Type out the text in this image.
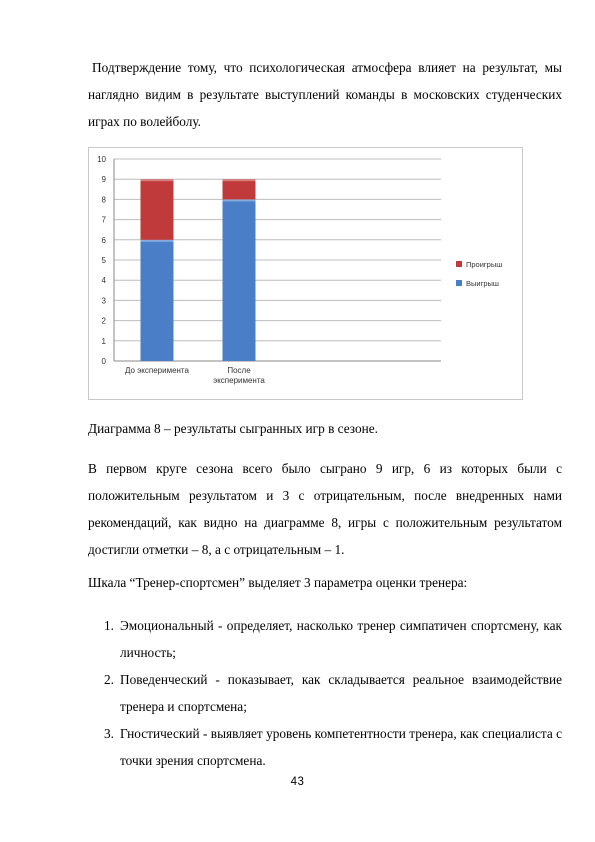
Подтверждение тому, что психологическая атмосфера влияет на результат, мы наглядно видим в результате выступлений команды в московских студенческих играх по волейболу.

0
1
2
3
4
5
6
7
8
9
10
До эксперимента	После
эксперимента
Проигрыш
Выигрыш

Диаграмма 8 – результаты сыгранных игр в сезоне.

В первом круге сезона всего было сыграно 9 игр, 6 из которых были с положительным результатом и 3 с отрицательным, после внедренных нами рекомендаций, как видно на диаграмме 8, игры с положительным результатом достигли отметки – 8, а с отрицательным – 1.

Шкала “Тренер-спортсмен” выделяет 3 параметра оценки тренера:

1. Эмоциональный - определяет, насколько тренер симпатичен спортсмену, как личность;
2. Поведенческий - показывает, как складывается реальное взаимодействие тренера и спортсмена;
3. Гностический - выявляет уровень компетентности тренера, как специалиста с точки зрения спортсмена.
43
